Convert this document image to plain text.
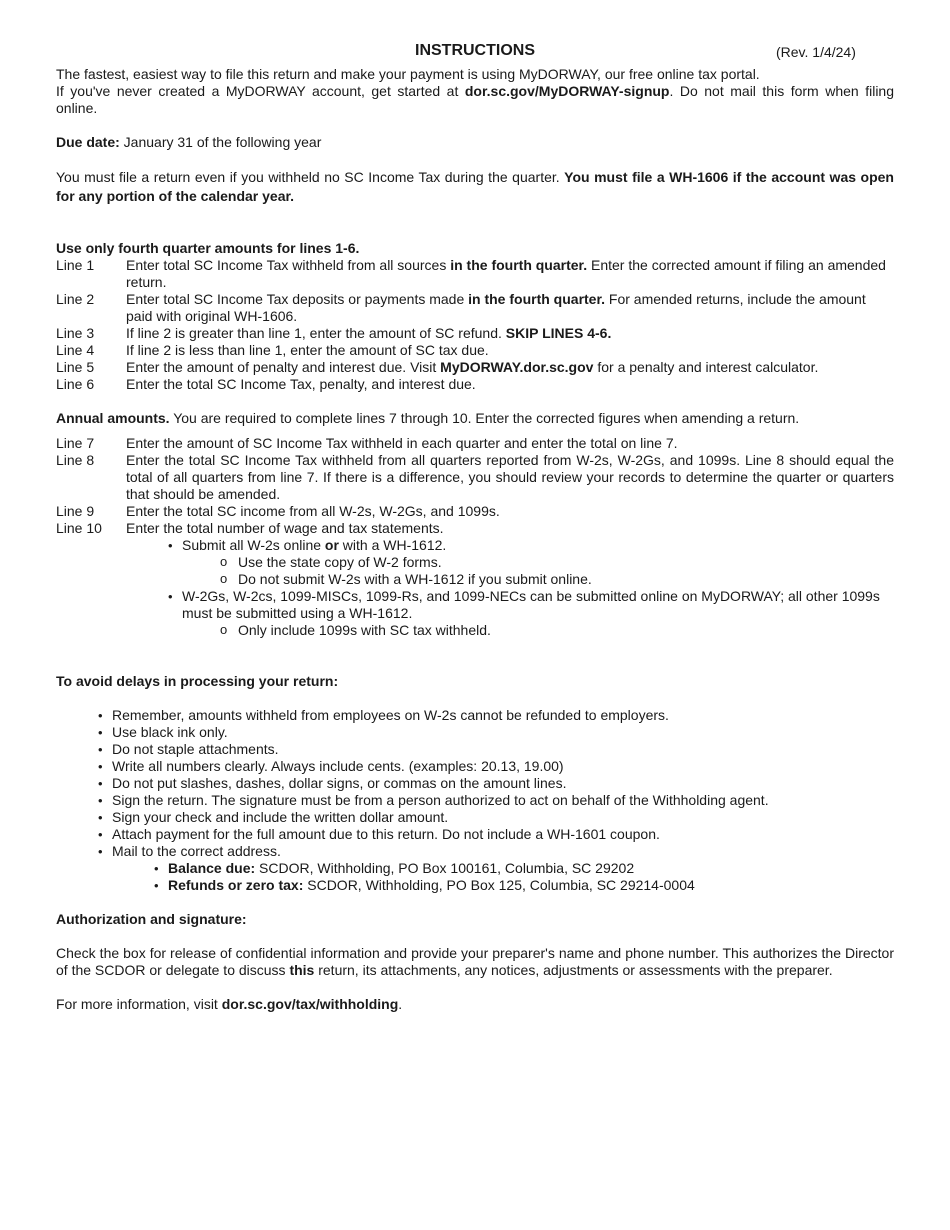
INSTRUCTIONS	(Rev. 1/4/24)

The fastest, easiest way to file this return and make your payment is using MyDORWAY, our free online tax portal.

If you've never created a MyDORWAY account, get started at dor.sc.gov/MyDORWAY-signup. Do not mail this form when filing online.

Due date: January 31 of the following year

You must file a return even if you withheld no SC Income Tax during the quarter. You must file a WH-1606 if the account was open for any portion of the calendar year.

Use only fourth quarter amounts for lines 1-6.

Line 1	Enter total SC Income Tax withheld from all sources in the fourth quarter. Enter the corrected amount if filing an amended return.
Line 2	Enter total SC Income Tax deposits or payments made in the fourth quarter. For amended returns, include the amount paid with original WH-1606.
Line 3	If line 2 is greater than line 1, enter the amount of SC refund. SKIP LINES 4-6.
Line 4	If line 2 is less than line 1, enter the amount of SC tax due.
Line 5	Enter the amount of penalty and interest due. Visit MyDORWAY.dor.sc.gov for a penalty and interest calculator.
Line 6	Enter the total SC Income Tax, penalty, and interest due.

Annual amounts. You are required to complete lines 7 through 10. Enter the corrected figures when amending a return.

Line 7	Enter the amount of SC Income Tax withheld in each quarter and enter the total on line 7.
Line 8	Enter the total SC Income Tax withheld from all quarters reported from W-2s, W-2Gs, and 1099s. Line 8 should equal the total of all quarters from line 7. If there is a difference, you should review your records to determine the quarter or quarters that should be amended.
Line 9	Enter the total SC income from all W-2s, W-2Gs, and 1099s.
Line 10	Enter the total number of wage and tax statements.
• Submit all W-2s online or with a WH-1612.
o Use the state copy of W-2 forms.
o Do not submit W-2s with a WH-1612 if you submit online.
• W-2Gs, W-2cs, 1099-MISCs, 1099-Rs, and 1099-NECs can be submitted online on MyDORWAY; all other 1099s must be submitted using a WH-1612.
o Only include 1099s with SC tax withheld.

To avoid delays in processing your return:

• Remember, amounts withheld from employees on W-2s cannot be refunded to employers.
• Use black ink only.
• Do not staple attachments.
• Write all numbers clearly. Always include cents. (examples: 20.13, 19.00)
• Do not put slashes, dashes, dollar signs, or commas on the amount lines.
• Sign the return. The signature must be from a person authorized to act on behalf of the Withholding agent.
• Sign your check and include the written dollar amount.
• Attach payment for the full amount due to this return. Do not include a WH-1601 coupon.
• Mail to the correct address.
• Balance due: SCDOR, Withholding, PO Box 100161, Columbia, SC 29202
• Refunds or zero tax: SCDOR, Withholding, PO Box 125, Columbia, SC 29214-0004

Authorization and signature:

Check the box for release of confidential information and provide your preparer's name and phone number. This authorizes the Director of the SCDOR or delegate to discuss this return, its attachments, any notices, adjustments or assessments with the preparer.

For more information, visit dor.sc.gov/tax/withholding.
